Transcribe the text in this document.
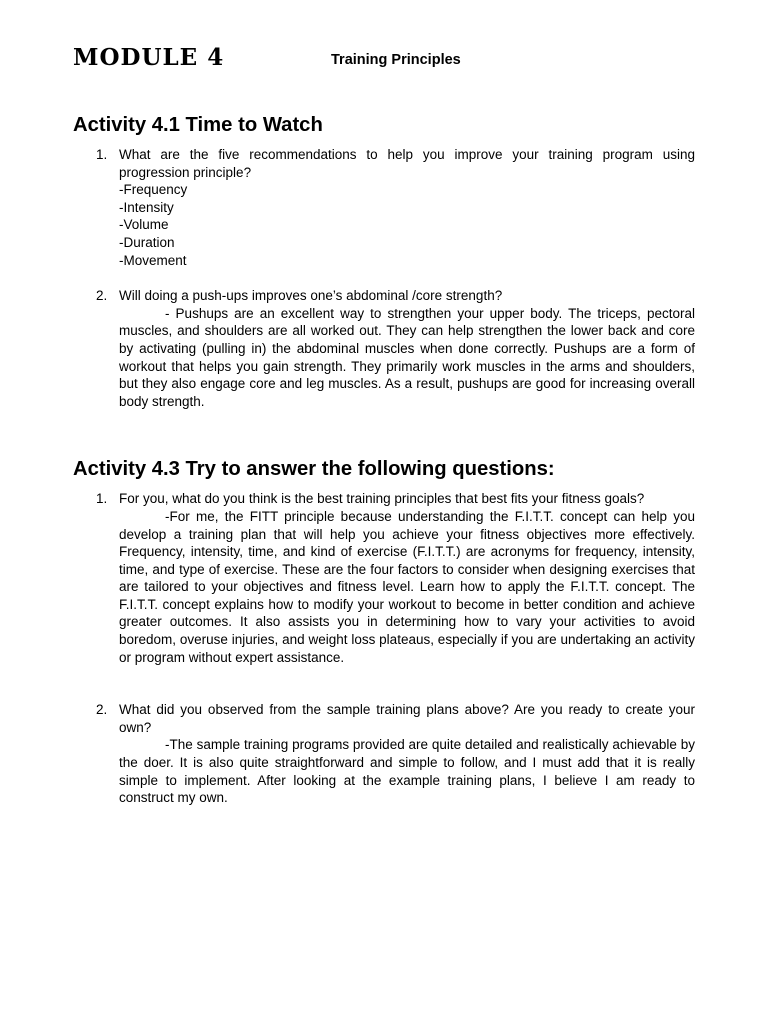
MODULE 4	Training Principles
Activity 4.1 Time to Watch
1. What are the five recommendations to help you improve your training program using progression principle?
-Frequency
-Intensity
-Volume
-Duration
-Movement
2. Will doing a push-ups improves one’s abdominal /core strength?

- Pushups are an excellent way to strengthen your upper body. The triceps, pectoral muscles, and shoulders are all worked out. They can help strengthen the lower back and core by activating (pulling in) the abdominal muscles when done correctly. Pushups are a form of workout that helps you gain strength. They primarily work muscles in the arms and shoulders, but they also engage core and leg muscles. As a result, pushups are good for increasing overall body strength.

Activity 4.3 Try to answer the following questions:
1. For you, what do you think is the best training principles that best fits your fitness goals?

-For me, the FITT principle because understanding the F.I.T.T. concept can help you develop a training plan that will help you achieve your fitness objectives more effectively. Frequency, intensity, time, and kind of exercise (F.I.T.T.) are acronyms for frequency, intensity, time, and type of exercise. These are the four factors to consider when designing exercises that are tailored to your objectives and fitness level. Learn how to apply the F.I.T.T. concept. The F.I.T.T. concept explains how to modify your workout to become in better condition and achieve greater outcomes. It also assists you in determining how to vary your activities to avoid boredom, overuse injuries, and weight loss plateaus, especially if you are undertaking an activity or program without expert assistance.

2. What did you observed from the sample training plans above? Are you ready to create your own?

-The sample training programs provided are quite detailed and realistically achievable by the doer. It is also quite straightforward and simple to follow, and I must add that it is really simple to implement. After looking at the example training plans, I believe I am ready to construct my own.
